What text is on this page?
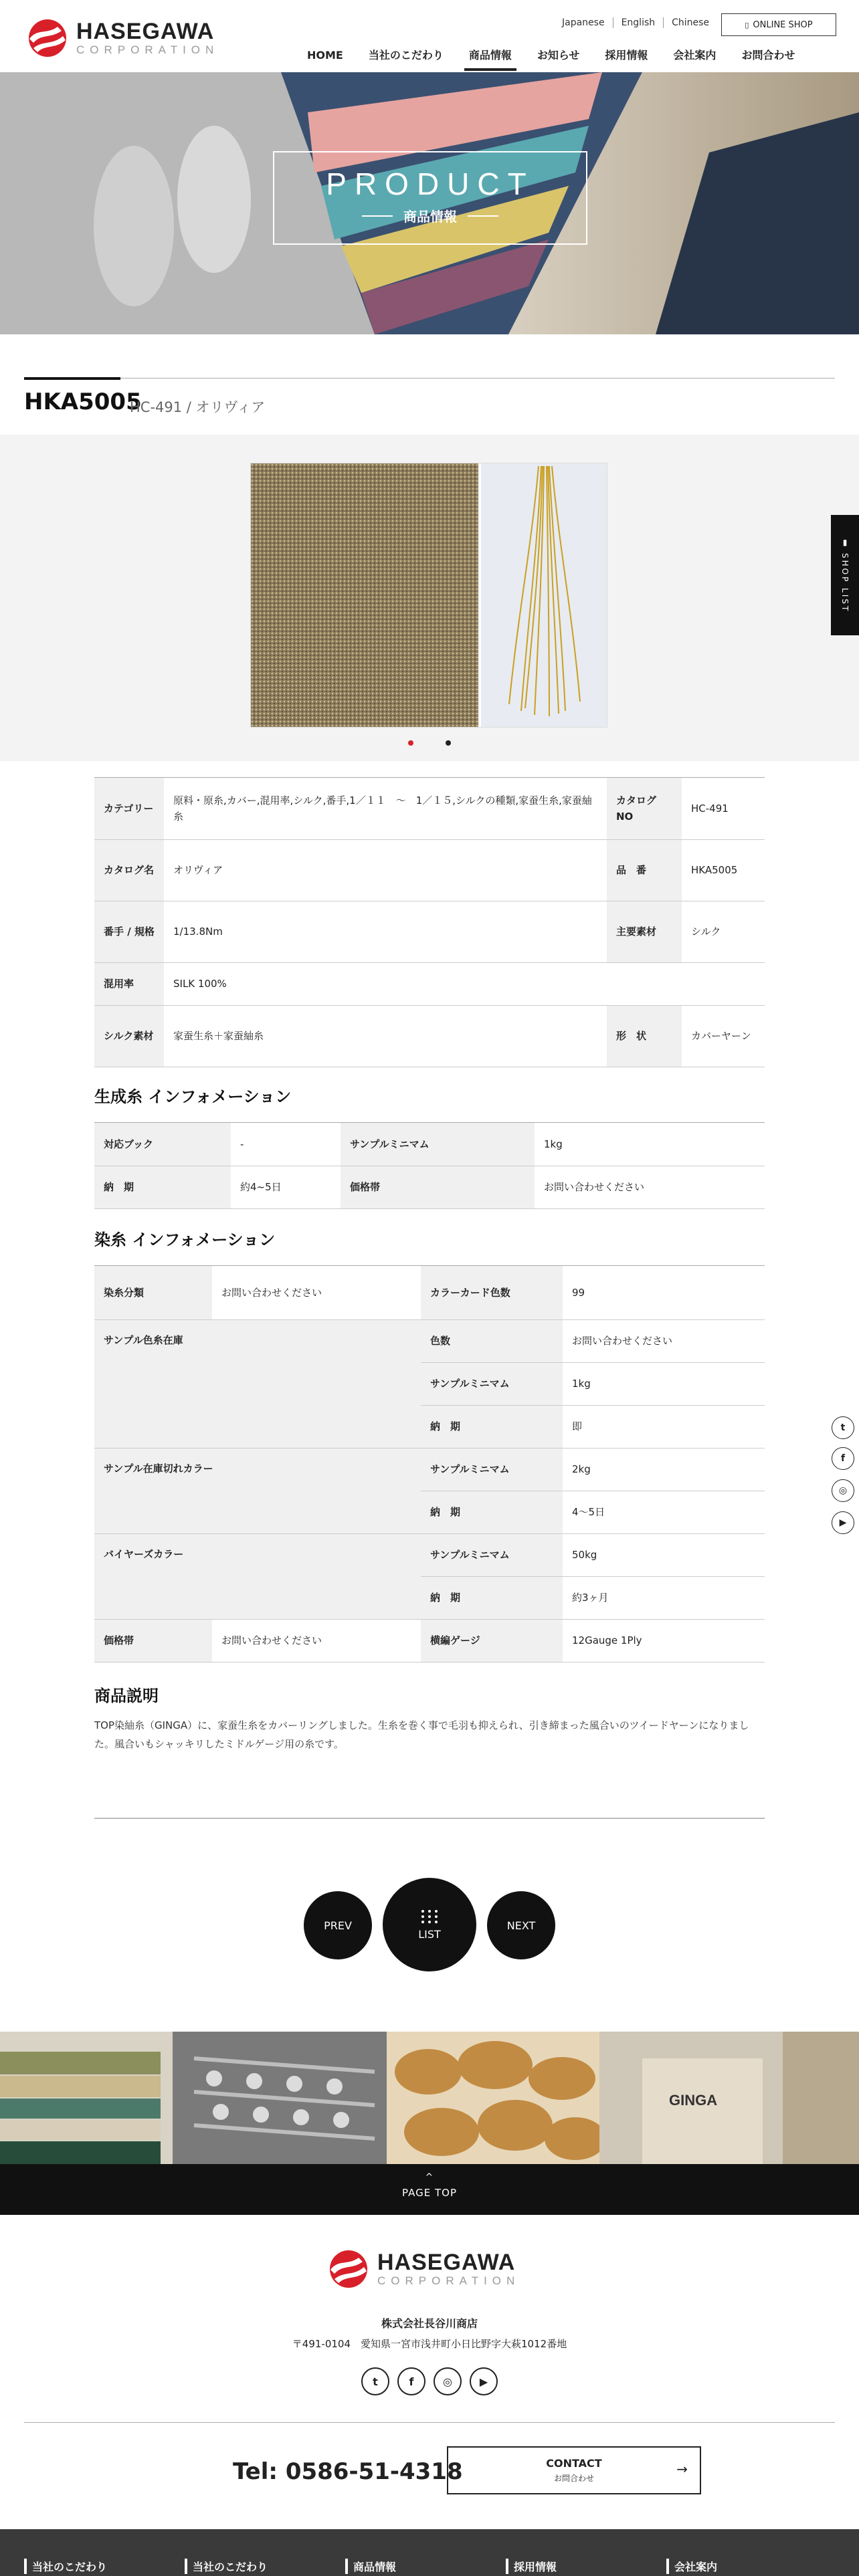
HASEGAWA
CORPORATION
Japanese	English	Chinese	▯ ONLINE SHOP
HOME	当社のこだわり	商品情報	お知らせ	採用情報	会社案内	お問合わせ
PRODUCT
商品情報
HKA5005
HC-491 / オリヴィア
▮
SHOP LIST
t
f
◎
▶
カテゴリー	原料・原糸,カバー,混用率,シルク,番手,1／１１　〜　1／１５,シルクの種類,家蚕生糸,家蚕紬糸	カタログNO	HC-491
カタログ名	オリヴィア	品　番	HKA5005
番手 / 規格	1/13.8Nm	主要素材	シルク
混用率	SILK 100%		
シルク素材	家蚕生糸＋家蚕紬糸	形　状	カバーヤーン
生成糸 インフォメーション
対応ブック	-	サンプルミニマム	1kg
納　期	約4~5日	価格帯	お問い合わせください
染糸 インフォメーション
染糸分類	お問い合わせください	カラーカード色数	99
サンプル色糸在庫		色数	お問い合わせください
		サンプルミニマム	1kg
		納　期	即
サンプル在庫切れカラー		サンプルミニマム	2kg
		納　期	4〜5日
バイヤーズカラー		サンプルミニマム	50kg
		納　期	約3ヶ月
価格帯	お問い合わせください	横編ゲージ	12Gauge 1Ply
商品説明
TOP染紬糸（GINGA）に、家蚕生糸をカバーリングしました。生糸を巻く事で毛羽も抑えられ、引き締まった風合いのツイードヤーンになりました。風合いもシャッキリしたミドルゲージ用の糸です。
PREV
LIST
NEXT
GINGA
^
PAGE TOP
HASEGAWA
CORPORATION
株式会社長谷川商店
〒491-0104　愛知県一宮市浅井町小日比野字大萩1012番地
t	f	◎	▶
Tel: 0586-51-4318	CONTACT
お問合わせ
→
当社のこだわり	当社のこだわり	商品情報	採用情報	会社案内
